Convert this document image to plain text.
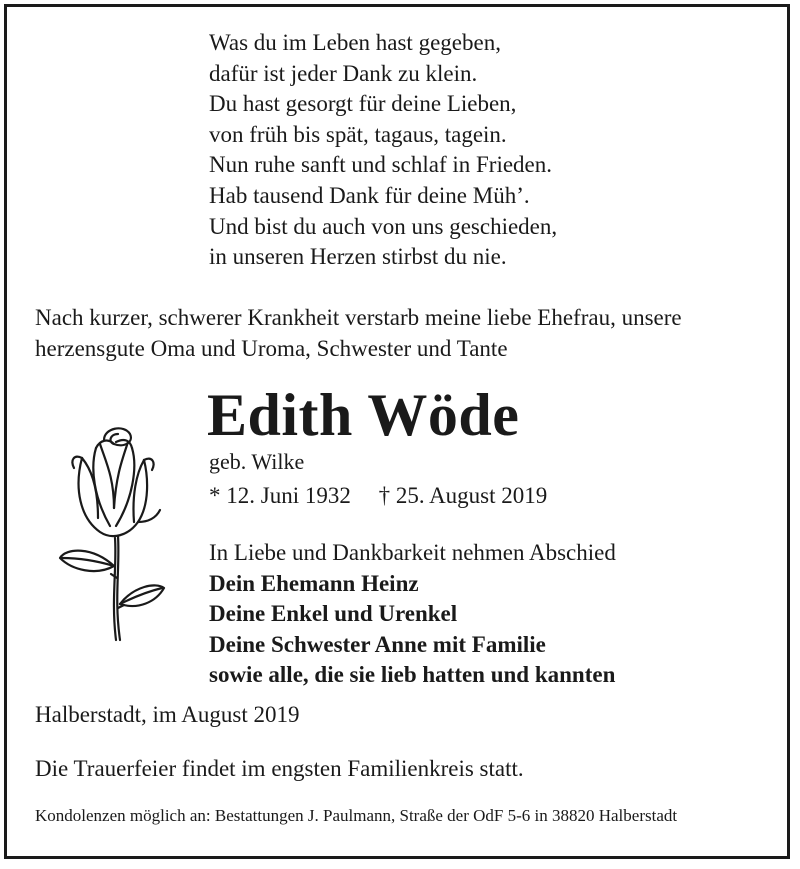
Was du im Leben hast gegeben,
dafür ist jeder Dank zu klein.
Du hast gesorgt für deine Lieben,
von früh bis spät, tagaus, tagein.
Nun ruhe sanft und schlaf in Frieden.
Hab tausend Dank für deine Müh’.
Und bist du auch von uns geschieden,
in unseren Herzen stirbst du nie.
Nach kurzer, schwerer Krankheit verstarb meine liebe Ehefrau, unsere
herzensgute Oma und Uroma, Schwester und Tante
Edith Wöde
geb. Wilke
* 12. Juni 1932 † 25. August 2019
In Liebe und Dankbarkeit nehmen Abschied
Dein Ehemann Heinz
Deine Enkel und Urenkel
Deine Schwester Anne mit Familie
sowie alle, die sie lieb hatten und kannten
Halberstadt, im August 2019
Die Trauerfeier findet im engsten Familienkreis statt.
Kondolenzen möglich an: Bestattungen J. Paulmann, Straße der OdF 5-6 in 38820 Halberstadt
